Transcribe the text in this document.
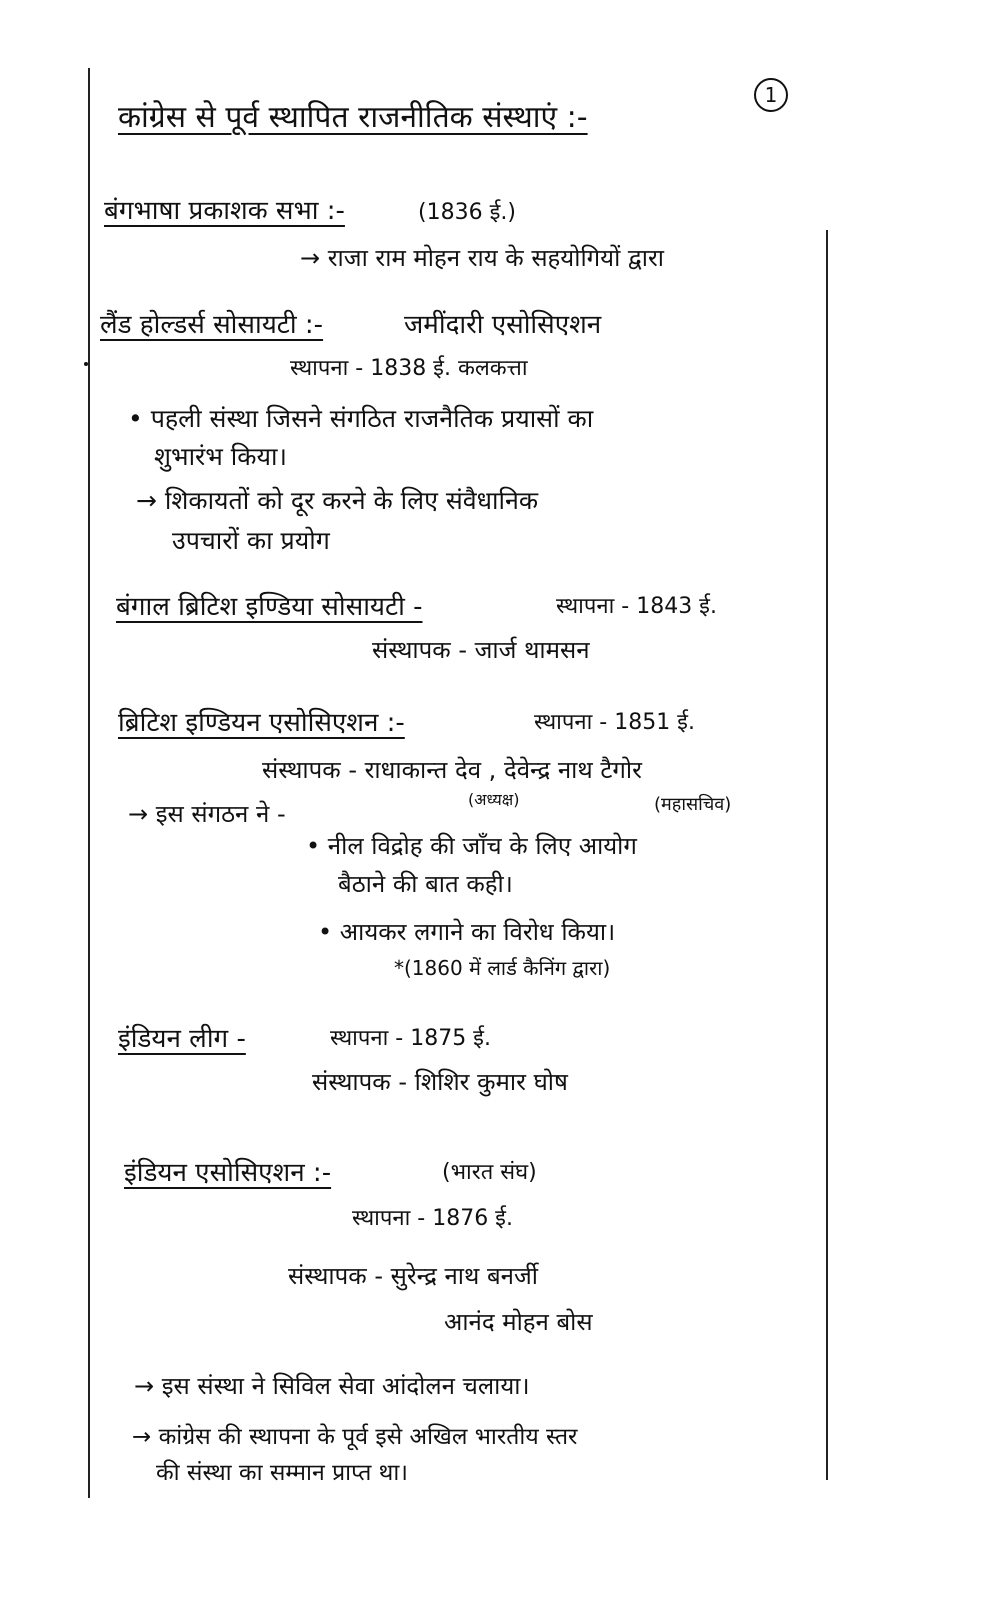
1
कांग्रेस से पूर्व स्थापित राजनीतिक संस्थाएं :-
बंगभाषा प्रकाशक सभा :-	(1836 ई.)
→ राजा राम मोहन राय के सहयोगियों द्वारा
लैंड होल्डर्स सोसायटी :-	जमींदारी एसोसिएशन
स्थापना - 1838 ई. कलकत्ता
• पहली संस्था जिसने संगठित राजनैतिक प्रयासों का
शुभारंभ किया।
→ शिकायतों को दूर करने के लिए संवैधानिक
उपचारों का प्रयोग
बंगाल ब्रिटिश इण्डिया सोसायटी -	स्थापना - 1843 ई.
संस्थापक - जार्ज थामसन
ब्रिटिश इण्डियन एसोसिएशन :-	स्थापना - 1851 ई.
संस्थापक - राधाकान्त देव , देवेन्द्र नाथ टैगोर
(अध्यक्ष)	(महासचिव)
→ इस संगठन ने -
• नील विद्रोह की जाँच के लिए आयोग
बैठाने की बात कही।
• आयकर लगाने का विरोध किया।
*(1860 में लार्ड कैनिंग द्वारा)
इंडियन लीग -	स्थापना - 1875 ई.
संस्थापक - शिशिर कुमार घोष
इंडियन एसोसिएशन :-	(भारत संघ)
स्थापना - 1876 ई.
संस्थापक - सुरेन्द्र नाथ बनर्जी
आनंद मोहन बोस
→ इस संस्था ने सिविल सेवा आंदोलन चलाया।
→ कांग्रेस की स्थापना के पूर्व इसे अखिल भारतीय स्तर
की संस्था का सम्मान प्राप्त था।
